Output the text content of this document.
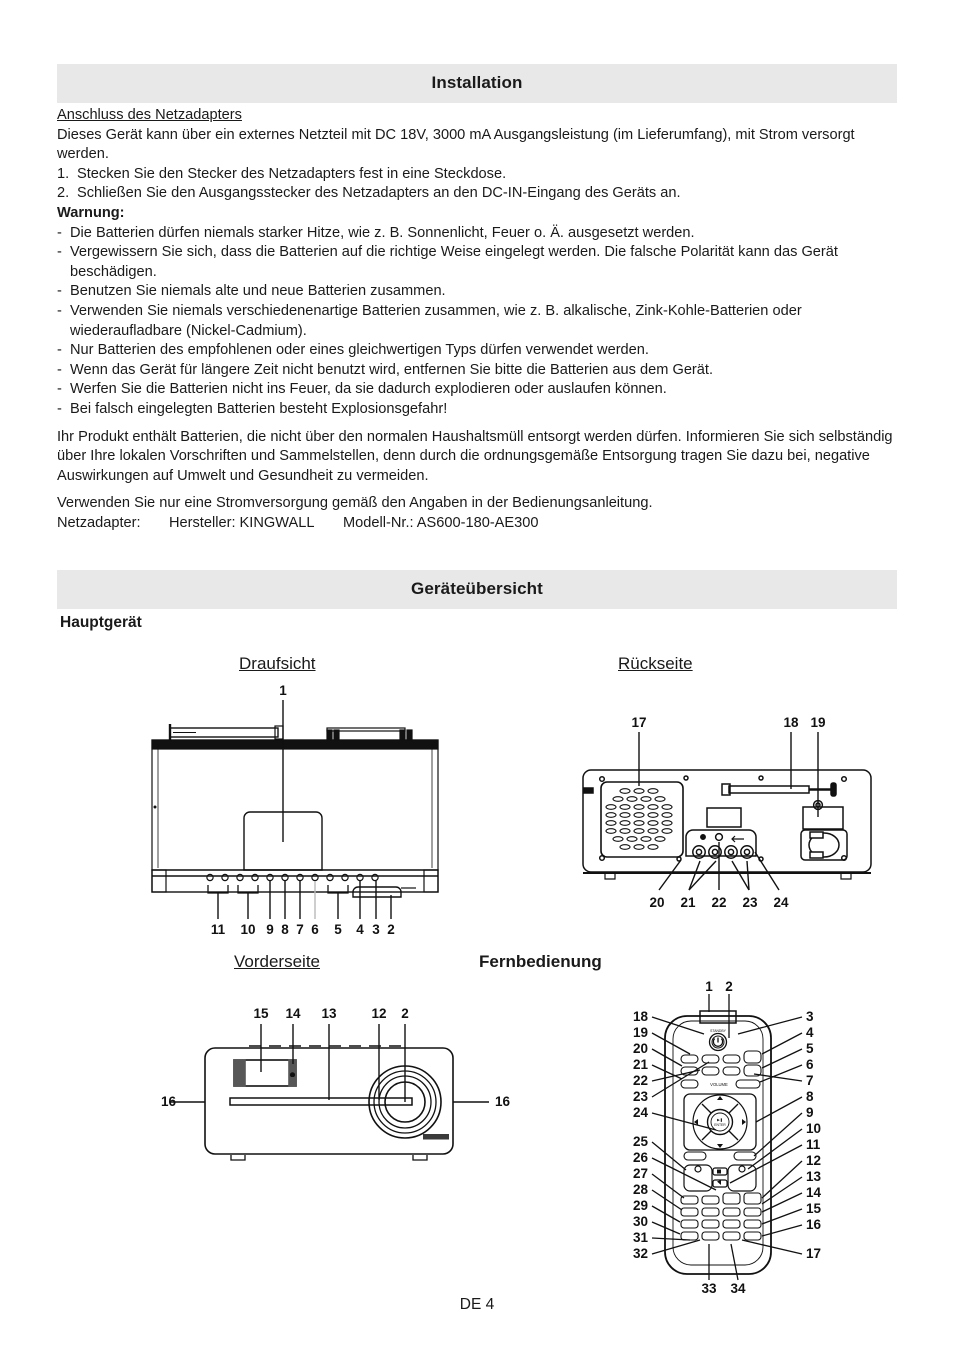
Installation

Anschluss des Netzadapters

Dieses Gerät kann über ein externes Netzteil mit DC 18V, 3000 mA Ausgangsleistung (im Lieferumfang), mit Strom versorgt werden.

1. Stecken Sie den Stecker des Netzadapters fest in eine Steckdose.
2. Schließen Sie den Ausgangsstecker des Netzadapters an den DC-IN-Eingang des Geräts an.

Warnung:

- Die Batterien dürfen niemals starker Hitze, wie z. B. Sonnenlicht, Feuer o. Ä. ausgesetzt werden.
- Vergewissern Sie sich, dass die Batterien auf die richtige Weise eingelegt werden. Die falsche Polarität kann das Gerät beschädigen.
- Benutzen Sie niemals alte und neue Batterien zusammen.
- Verwenden Sie niemals verschiedenenartige Batterien zusammen, wie z. B. alkalische, Zink-Kohle-Batterien oder wiederaufladbare (Nickel-Cadmium).
- Nur Batterien des empfohlenen oder eines gleichwertigen Typs dürfen verwendet werden.
- Wenn das Gerät für längere Zeit nicht benutzt wird, entfernen Sie bitte die Batterien aus dem Gerät.
- Werfen Sie die Batterien nicht ins Feuer, da sie dadurch explodieren oder auslaufen können.
- Bei falsch eingelegten Batterien besteht Explosionsgefahr!

Ihr Produkt enthält Batterien, die nicht über den normalen Haushaltsmüll entsorgt werden dürfen. Informieren Sie sich selbständig über Ihre lokalen Vorschriften und Sammelstellen, denn durch die ordnungsgemäße Entsorgung tragen Sie dazu bei, negative Auswirkungen auf Umwelt und Gesundheit zu vermeiden.

Verwenden Sie nur eine Stromversorgung gemäß den Angaben in der Bedienungsanleitung.

Netzadapter:	Hersteller: KINGWALL	Modell-Nr.: AS600-180-AE300
Geräteübersicht
Hauptgerät
Draufsicht	Rückseite
Vorderseite	Fernbedienung
1
11 10 9 8 7 6 5 4 3 2
17	18 19
20 21 22 23 24
15 14 13	12 2
16	16
STANDBY
VOLUME
▶❚
ENTER
1 2
18
19
20
21
22
23
24
25
26
27
28
29
30
31
32
3
4
5
6
7
8
9
10
11
12
13
14
15
16
17
33 34
DE 4
